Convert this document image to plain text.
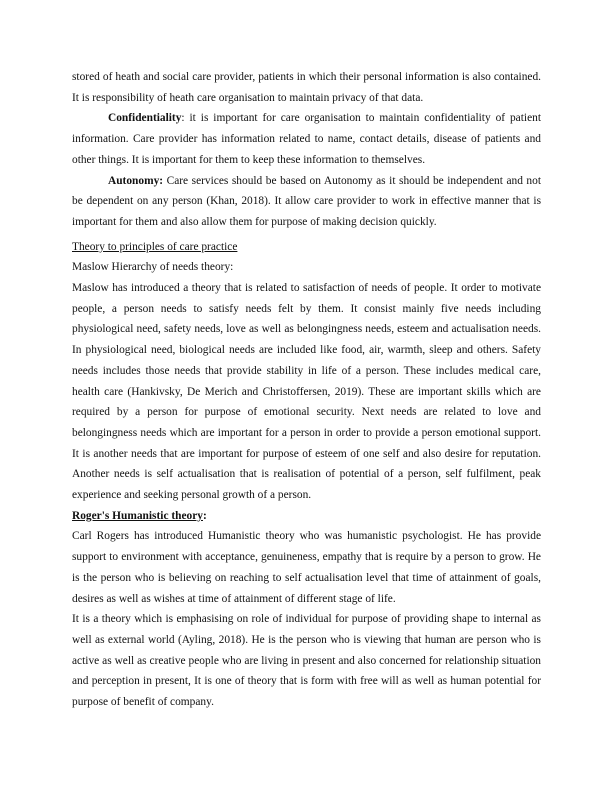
stored of heath and social care provider, patients in which their personal information is also contained. It is responsibility of heath care organisation to maintain privacy of that data.

Confidentiality: it is important for care organisation to maintain confidentiality of patient information. Care provider has information related to name, contact details, disease of patients and other things. It is important for them to keep these information to themselves.

Autonomy: Care services should be based on Autonomy as it should be independent and not be dependent on any person (Khan, 2018). It allow care provider to work in effective manner that is important for them and also allow them for purpose of making decision quickly.

Theory to principles of care practice

Maslow Hierarchy of needs theory:

Maslow has introduced a theory that is related to satisfaction of needs of people. It order to motivate people, a person needs to satisfy needs felt by them. It consist mainly five needs including physiological need, safety needs, love as well as belongingness needs, esteem and actualisation needs. In physiological need, biological needs are included like food, air, warmth, sleep and others. Safety needs includes those needs that provide stability in life of a person. These includes medical care, health care (Hankivsky, De Merich and Christoffersen, 2019). These are important skills which are required by a person for purpose of emotional security. Next needs are related to love and belongingness needs which are important for a person in order to provide a person emotional support. It is another needs that are important for purpose of esteem of one self and also desire for reputation. Another needs is self actualisation that is realisation of potential of a person, self fulfilment, peak experience and seeking personal growth of a person.

Roger's Humanistic theory:

Carl Rogers has introduced Humanistic theory who was humanistic psychologist. He has provide support to environment with acceptance, genuineness, empathy that is require by a person to grow. He is the person who is believing on reaching to self actualisation level that time of attainment of goals, desires as well as wishes at time of attainment of different stage of life.

It is a theory which is emphasising on role of individual for purpose of providing shape to internal as well as external world (Ayling, 2018). He is the person who is viewing that human are person who is active as well as creative people who are living in present and also concerned for relationship situation and perception in present, It is one of theory that is form with free will as well as human potential for purpose of benefit of company.
